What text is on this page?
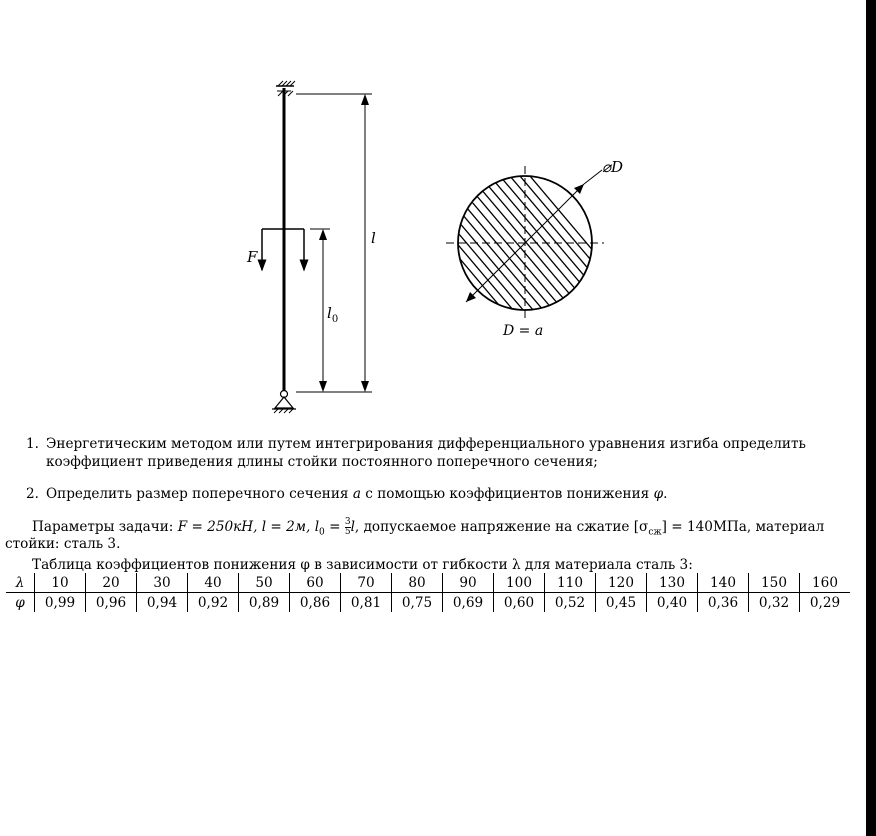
F
l
$l_0$
⌀D
D = a
1. Энергетическим методом или путем интегрирования дифференциального уравнения изгиба определить
коэффициент приведения длины стойки постоянного поперечного сечения;
2. Определить размер поперечного сечения a с помощью коэффициентов понижения φ.
Параметры задачи: F = 250кН, l = 2м, $l_0 = \frac{3}{5} l$, допускаемое напряжение на сжатие $[\sigma_{сж}] = 140МПа$, материал
стойки: сталь 3.
Таблица коэффициентов понижения φ в зависимости от гибкости λ для материала сталь 3:
λ	10	20	30	40	50	60	70	80	90	100	110	120	130	140	150	160
φ	0,99	0,96	0,94	0,92	0,89	0,86	0,81	0,75	0,69	0,60	0,52	0,45	0,40	0,36	0,32	0,29
